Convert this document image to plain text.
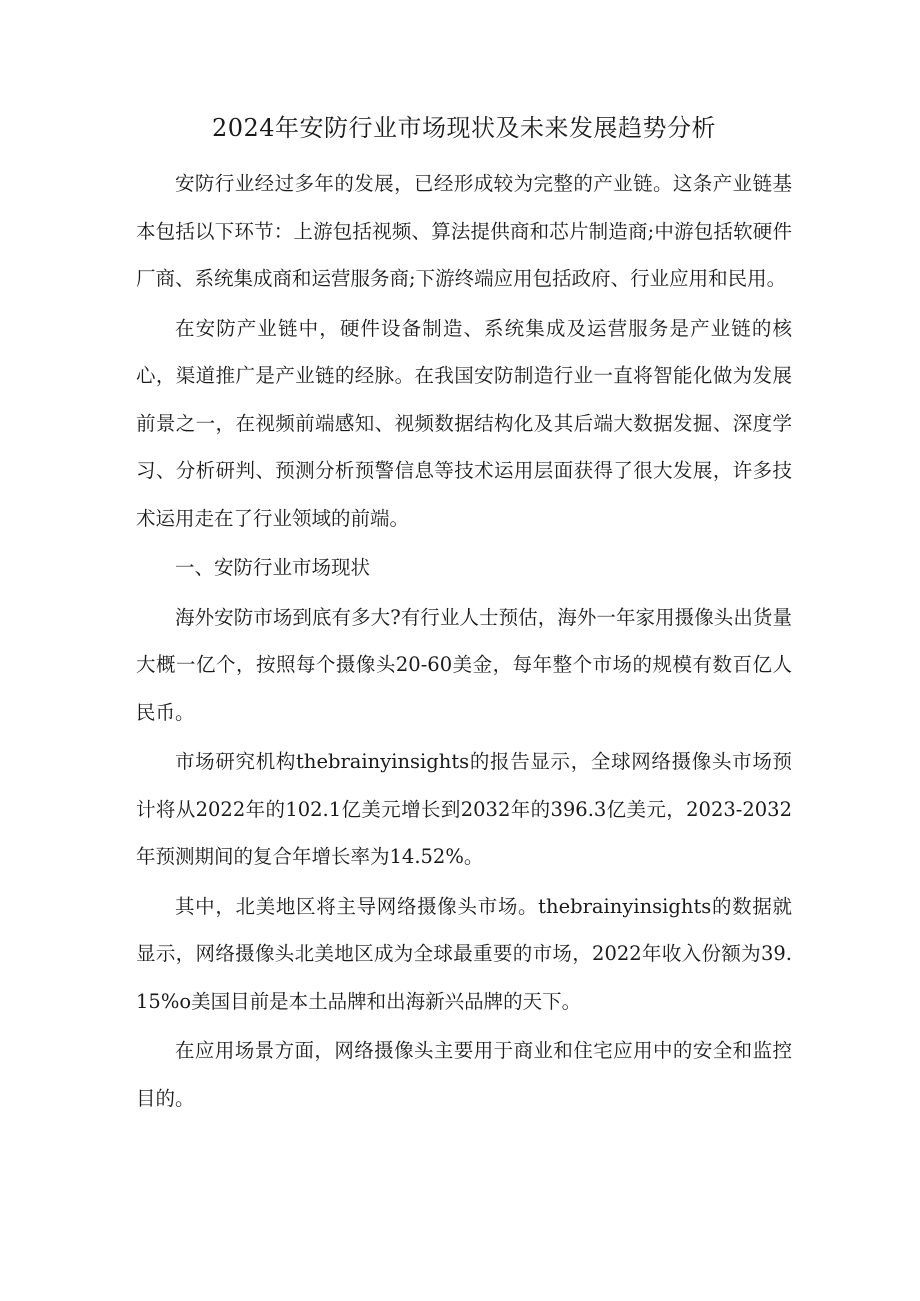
2024年安防行业市场现状及未来发展趋势分析

安防行业经过多年的发展，已经形成较为完整的产业链。这条产业链基本包括以下环节：上游包括视频、算法提供商和芯片制造商;中游包括软硬件厂商、系统集成商和运营服务商;下游终端应用包括政府、行业应用和民用。

在安防产业链中，硬件设备制造、系统集成及运营服务是产业链的核心，渠道推广是产业链的经脉。在我国安防制造行业一直将智能化做为发展前景之一，在视频前端感知、视频数据结构化及其后端大数据发掘、深度学习、分析研判、预测分析预警信息等技术运用层面获得了很大发展，许多技术运用走在了行业领域的前端。

一、安防行业市场现状

海外安防市场到底有多大?有行业人士预估，海外一年家用摄像头出货量大概一亿个，按照每个摄像头20-60美金，每年整个市场的规模有数百亿人民币。

市场研究机构thebrainyinsights的报告显示，全球网络摄像头市场预计将从2022年的102.1亿美元增长到2032年的396.3亿美元，2023-2032年预测期间的复合年增长率为14.52%。

其中，北美地区将主导网络摄像头市场。thebrainyinsights的数据就显示，网络摄像头北美地区成为全球最重要的市场，2022年收入份额为39.15%o美国目前是本土品牌和出海新兴品牌的天下。

在应用场景方面，网络摄像头主要用于商业和住宅应用中的安全和监控目的。
